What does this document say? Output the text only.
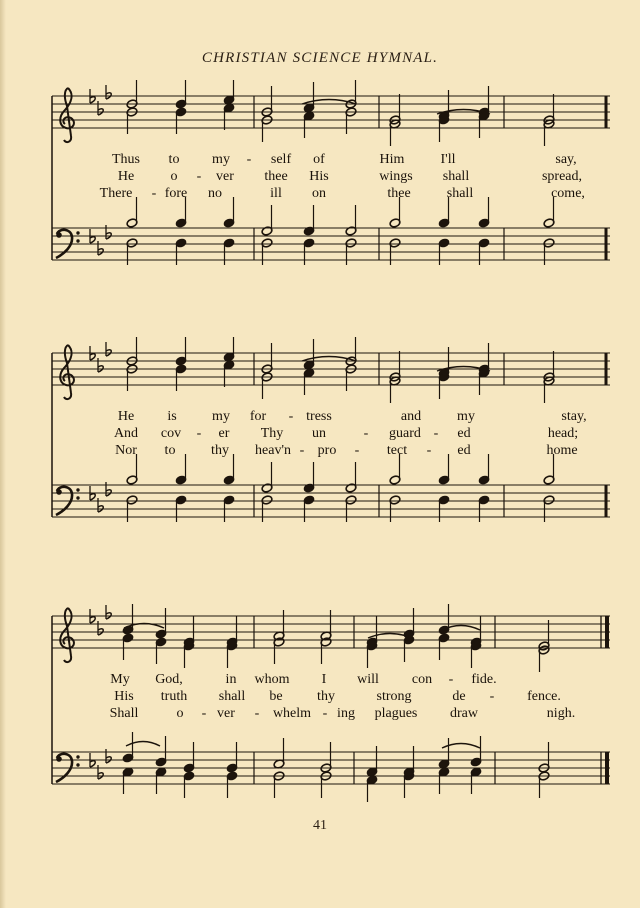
CHRISTIAN SCIENCE HYMNAL.
Thus to my - self of	Him	I'll	say,
He	o - ver thee His	wings shall	spread,
There - fore no	ill on	thee	shall	come,
He is	my for - tress	and	my	stay,
And cov - er Thy un	- guard - ed	head;
Nor to	thy heav'n - pro - tect - ed	home
My God,	in whom I will con - fide.
His truth shall be thy	strong	de - fence.
Shall	o - ver - whelm - ing plagues draw	nigh.
41
